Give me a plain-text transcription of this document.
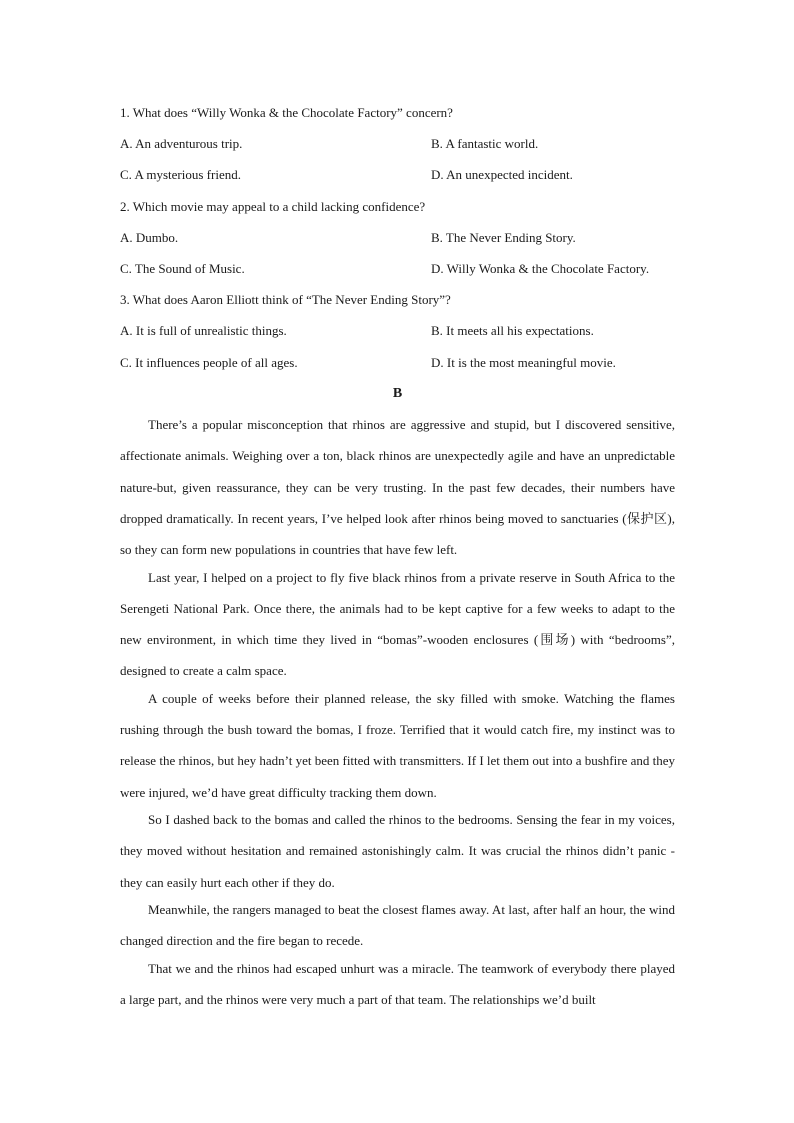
1. What does “Willy Wonka & the Chocolate Factory” concern?
A. An adventurous trip.	B. A fantastic world.
C. A mysterious friend.	D. An unexpected incident.
2. Which movie may appeal to a child lacking confidence?
A. Dumbo.	B. The Never Ending Story.
C. The Sound of Music.	D. Willy Wonka & the Chocolate Factory.
3. What does Aaron Elliott think of “The Never Ending Story”?
A. It is full of unrealistic things.	B. It meets all his expectations.
C. It influences people of all ages.	D. It is the most meaningful movie.
B

There’s a popular misconception that rhinos are aggressive and stupid, but I discovered sensitive, affectionate animals. Weighing over a ton, black rhinos are unexpectedly agile and have an unpredictable nature-but, given reassurance, they can be very trusting. In the past few decades, their numbers have dropped dramatically. In recent years, I’ve helped look after rhinos being moved to sanctuaries (保护区), so they can form new populations in countries that have few left.

Last year, I helped on a project to fly five black rhinos from a private reserve in South Africa to the Serengeti National Park. Once there, the animals had to be kept captive for a few weeks to adapt to the new environment, in which time they lived in “bomas”-wooden enclosures (围场) with “bedrooms”, designed to create a calm space.

A couple of weeks before their planned release, the sky filled with smoke. Watching the flames rushing through the bush toward the bomas, I froze. Terrified that it would catch fire, my instinct was to release the rhinos, but hey hadn’t yet been fitted with transmitters. If I let them out into a bushfire and they were injured, we’d have great difficulty tracking them down.

So I dashed back to the bomas and called the rhinos to the bedrooms. Sensing the fear in my voices, they moved without hesitation and remained astonishingly calm. It was crucial the rhinos didn’t panic -they can easily hurt each other if they do.

Meanwhile, the rangers managed to beat the closest flames away. At last, after half an hour, the wind changed direction and the fire began to recede.

That we and the rhinos had escaped unhurt was a miracle. The teamwork of everybody there played a large part, and the rhinos were very much a part of that team. The relationships we’d built
